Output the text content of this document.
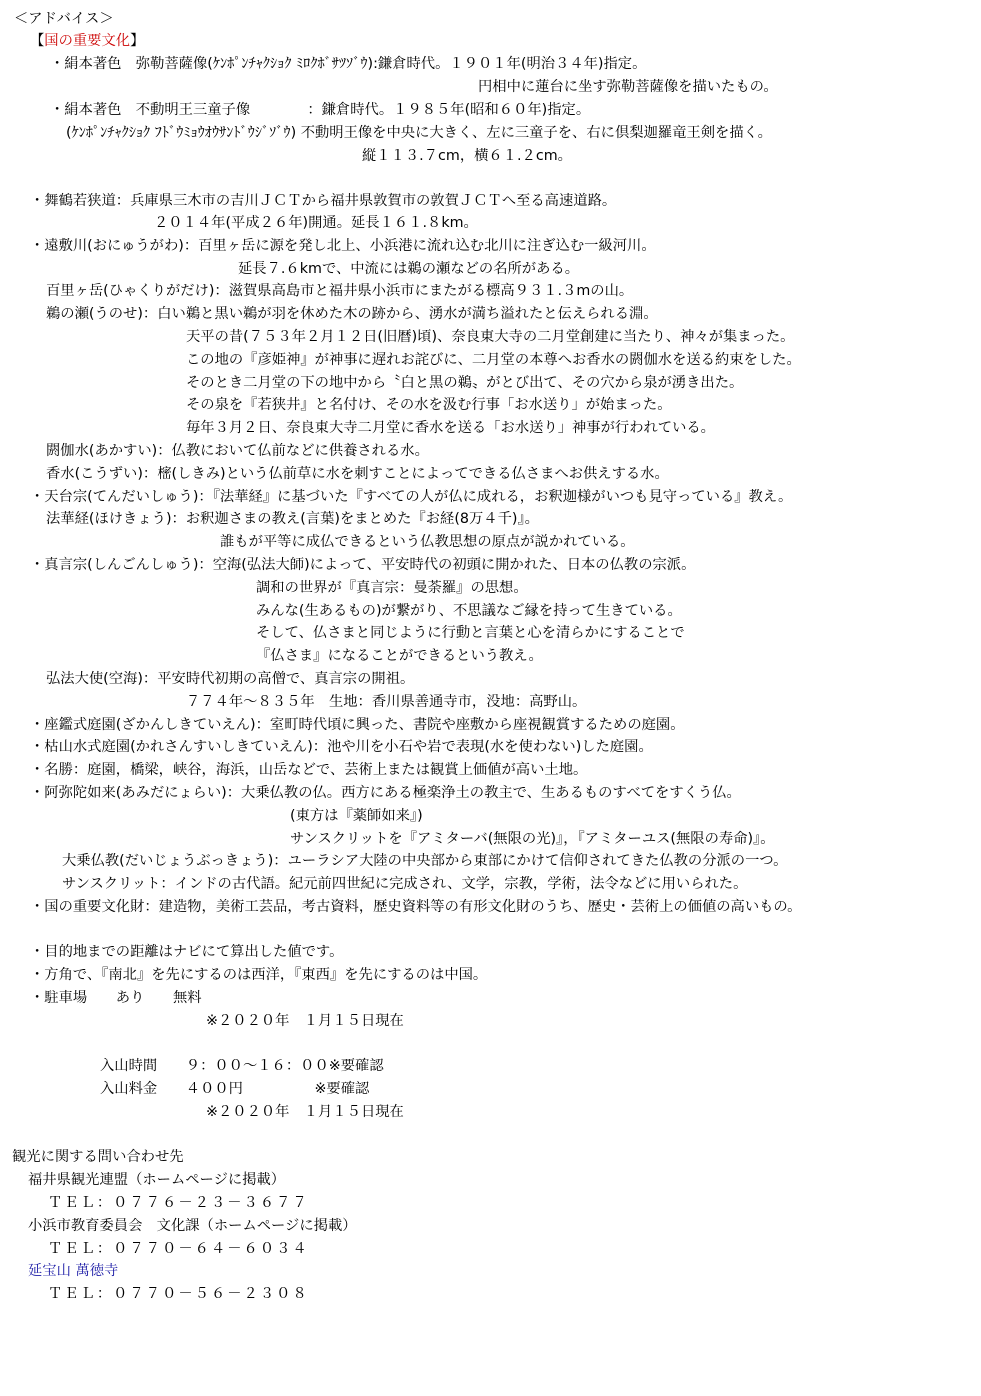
＜アドバイス＞
【国の重要文化】
・絹本著色　弥勒菩薩像(ｹﾝﾎﾟﾝﾁｬｸｼｮｸ ﾐﾛｸﾎﾞｻﾂｿﾞｳ):鎌倉時代。１９０１年(明治３４年)指定。
円相中に蓮台に坐す弥勒菩薩像を描いたもの。
・絹本著色　不動明王三童子像　　　　：鎌倉時代。１９８５年(昭和６０年)指定。
(ｹﾝﾎﾟﾝﾁｬｸｼｮｸ ﾌﾄﾞｳﾐｮｳｵｳｻﾝﾄﾞｳｼﾞｿﾞｳ) 不動明王像を中央に大きく、左に三童子を、右に倶梨迦羅竜王剣を描く。
縦１１３.７cm，横６１.２cm。
・舞鶴若狭道：兵庫県三木市の吉川ＪＣＴから福井県敦賀市の敦賀ＪＣＴへ至る高速道路。
２０１４年(平成２６年)開通。延長１６１.８km。
・遠敷川(おにゅうがわ)：百里ヶ岳に源を発し北上、小浜港に流れ込む北川に注ぎ込む一級河川。
延長７.６kmで、中流には鵜の瀬などの名所がある。
百里ヶ岳(ひゃくりがだけ)：滋賀県高島市と福井県小浜市にまたがる標高９３１.３mの山。
鵜の瀬(うのせ)：白い鵜と黒い鵜が羽を休めた木の跡から、湧水が満ち溢れたと伝えられる淵。
天平の昔(７５３年２月１２日(旧暦)頃)、奈良東大寺の二月堂創建に当たり、神々が集まった。
この地の『彦姫神』が神事に遅れお詫びに、二月堂の本尊へお香水の閼伽水を送る約束をした。
そのとき二月堂の下の地中から〝白と黒の鵜〟がとび出て、その穴から泉が湧き出た。
その泉を『若狭井』と名付け、その水を汲む行事「お水送り」が始まった。
毎年３月２日、奈良東大寺二月堂に香水を送る「お水送り」神事が行われている。
閼伽水(あかすい)：仏教において仏前などに供養される水。
香水(こうずい)：樒(しきみ)という仏前草に水を刺すことによってできる仏さまへお供えする水。
・天台宗(てんだいしゅう)：『法華経』に基づいた『すべての人が仏に成れる，お釈迦様がいつも見守っている』教え。
法華経(ほけきょう)：お釈迦さまの教え(言葉)をまとめた『お経(8万４千)』。
誰もが平等に成仏できるという仏教思想の原点が説かれている。
・真言宗(しんごんしゅう)：空海(弘法大師)によって、平安時代の初頭に開かれた、日本の仏教の宗派。
調和の世界が『真言宗：曼荼羅』の思想。
みんな(生あるもの)が繋がり、不思議なご縁を持って生きている。
そして、仏さまと同じように行動と言葉と心を清らかにすることで
『仏さま』になることができるという教え。
弘法大使(空海)：平安時代初期の高僧で、真言宗の開祖。
７７４年～８３５年　生地：香川県善通寺市，没地：高野山。
・座鑑式庭園(ざかんしきていえん)：室町時代頃に興った、書院や座敷から座視観賞するための庭園。
・枯山水式庭園(かれさんすいしきていえん)：池や川を小石や岩で表現(水を使わない)した庭園。
・名勝：庭園，橋梁，峡谷，海浜，山岳などで、芸術上または観賞上価値が高い土地。
・阿弥陀如来(あみだにょらい)：大乗仏教の仏。西方にある極楽浄土の教主で、生あるものすべてをすくう仏。
(東方は『薬師如来』)
サンスクリットを『アミターバ(無限の光)』，『アミターユス(無限の寿命)』。
大乗仏教(だいじょうぶっきょう)：ユーラシア大陸の中央部から東部にかけて信仰されてきた仏教の分派の一つ。
サンスクリット：インドの古代語。紀元前四世紀に完成され、文学，宗教，学術，法令などに用いられた。
・国の重要文化財：建造物，美術工芸品，考古資料，歴史資料等の有形文化財のうち、歴史・芸術上の価値の高いもの。
・目的地までの距離はナビにて算出した値です。
・方角で、『南北』を先にするのは西洋，『東西』を先にするのは中国。
・駐車場　　あり　　無料
※２０２０年　１月１５日現在
入山時間　　９：００～１６：００※要確認
入山料金　　４００円　　　　　※要確認
※２０２０年　１月１５日現在
観光に関する問い合わせ先
福井県観光連盟（ホームページに掲載）
ＴＥＬ：０７７６－２３－３６７７
小浜市教育委員会　文化課（ホームページに掲載）
ＴＥＬ：０７７０－６４－６０３４
延宝山 萬徳寺
ＴＥＬ：０７７０－５６－２３０８
